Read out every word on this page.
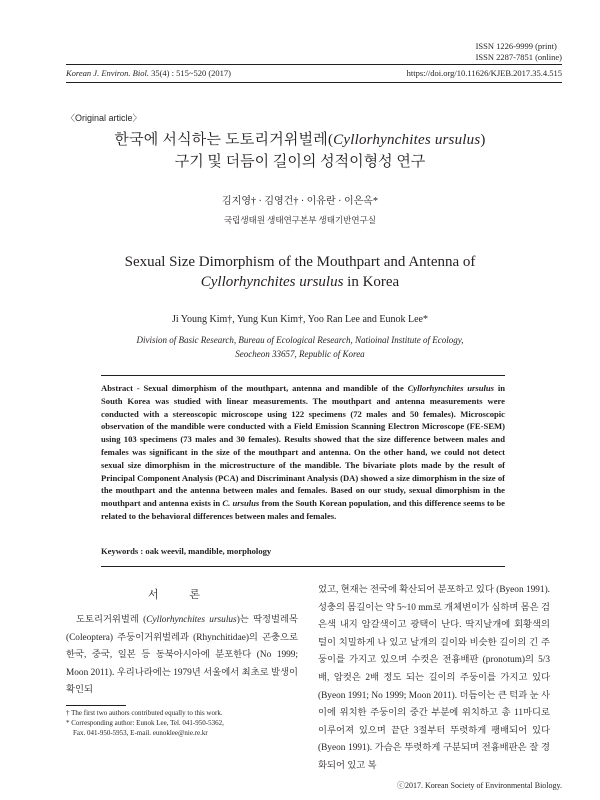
ISSN 1226-9999 (print)
ISSN 2287-7851 (online)
Korean J. Environ. Biol. 35(4) : 515~520 (2017)	https://doi.org/10.11626/KJEB.2017.35.4.515
〈Original article〉
한국에 서식하는 도토리거위벌레(Cyllorhynchites ursulus)
구기 및 더듬이 길이의 성적이형성 연구
김지영† · 김영건† · 이유란 · 이은옥*
국립생태원 생태연구본부 생태기반연구실
Sexual Size Dimorphism of the Mouthpart and Antenna of
Cyllorhynchites ursulus in Korea
Ji Young Kim†, Yung Kun Kim†, Yoo Ran Lee and Eunok Lee*
Division of Basic Research, Bureau of Ecological Research, Natioinal Institute of Ecology,
Seocheon 33657, Republic of Korea
Abstract - Sexual dimorphism of the mouthpart, antenna and mandible of the Cyllorhynchites ursulus in South Korea was studied with linear measurements. The mouthpart and antenna measurements were conducted with a stereoscopic microscope using 122 specimens (72 males and 50 females). Microscopic observation of the mandible were conducted with a Field Emission Scanning Electron Microscope (FE-SEM) using 103 specimens (73 males and 30 females). Results showed that the size difference between males and females was significant in the size of the mouthpart and antenna. On the other hand, we could not detect sexual size dimorphism in the microstructure of the mandible. The bivariate plots made by the result of Principal Component Analysis (PCA) and Discriminant Analysis (DA) showed a size dimorphism in the size of the mouthpart and the antenna between males and females. Based on our study, sexual dimorphism in the mouthpart and antenna exists in C. ursulus from the South Korean population, and this difference seems to be related to the behavioral differences between males and females.
Keywords : oak weevil, mandible, morphology
서 론

도토리거위벌레 (Cyllorhynchites ursulus)는 딱정벌레목 (Coleoptera) 주둥이거위벌레과 (Rhynchitidae)의 곤충으로 한국, 중국, 일본 등 동북아시아에 분포한다 (No 1999; Moon 2011). 우리나라에는 1979년 서울에서 최초로 발생이 확인되

었고, 현재는 전국에 확산되어 분포하고 있다 (Byeon 1991). 성충의 몸길이는 약 5~10 mm로 개체변이가 심하며 몸은 검은색 내지 암갈색이고 광택이 난다. 딱지날개에 회황색의 털이 치밀하게 나 있고 날개의 길이와 비슷한 길이의 긴 주둥이를 가지고 있으며 수컷은 전흉배판 (pronotum)의 5/3배, 암컷은 2배 정도 되는 길이의 주둥이를 가지고 있다 (Byeon 1991; No 1999; Moon 2011). 더듬이는 큰 턱과 눈 사이에 위치한 주둥이의 중간 부분에 위치하고 총 11마디로 이루어져 있으며 끝단 3절부터 뚜렷하게 팽배되어 있다 (Byeon 1991). 가슴은 뚜렷하게 구분되며 전흉배판은 잘 경화되어 있고 복

† The first two authors contributed equally to this work.
* Corresponding author: Eunok Lee, Tel. 041-950-5362,
Fax. 041-950-5953, E-mail. eunoklee@nie.re.kr
ⓒ2017. Korean Society of Environmental Biology.
